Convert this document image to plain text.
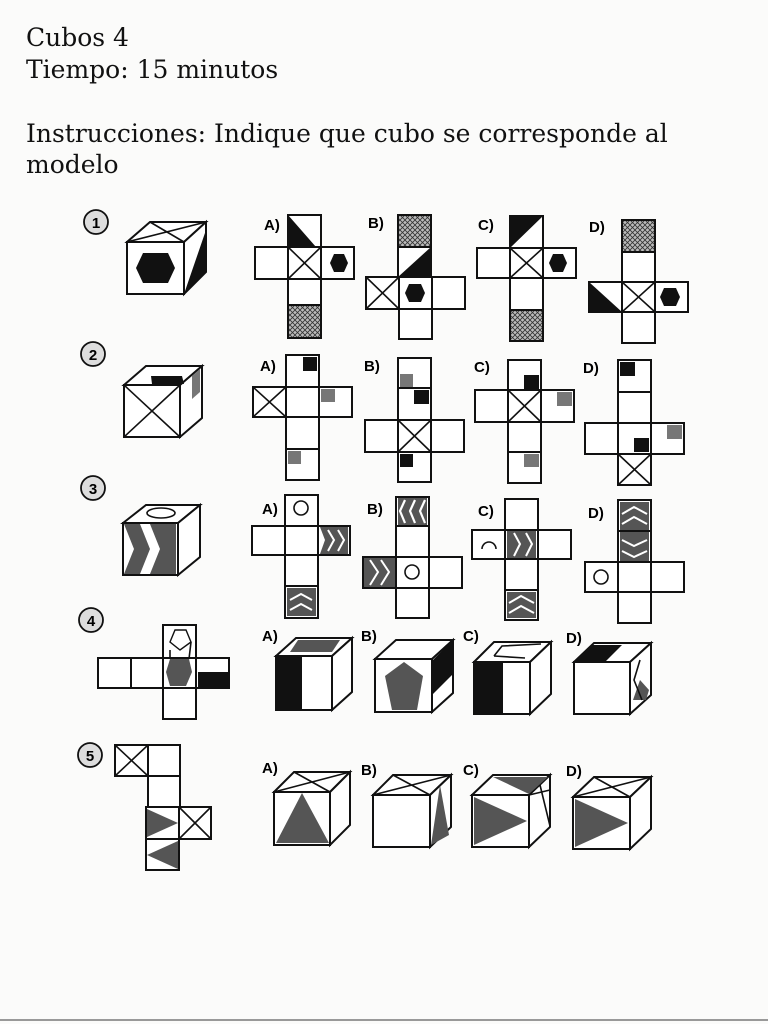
Cubos 4
Tiempo: 15 minutos
Instrucciones: Indique que cubo se corresponde al modelo
1	A)	B)	C)	D)
2
A)	B)	C)	D)
3
A)	B)	C)	D)
4
A)	B)	C)	D)
5
A)	B)	C)	D)
